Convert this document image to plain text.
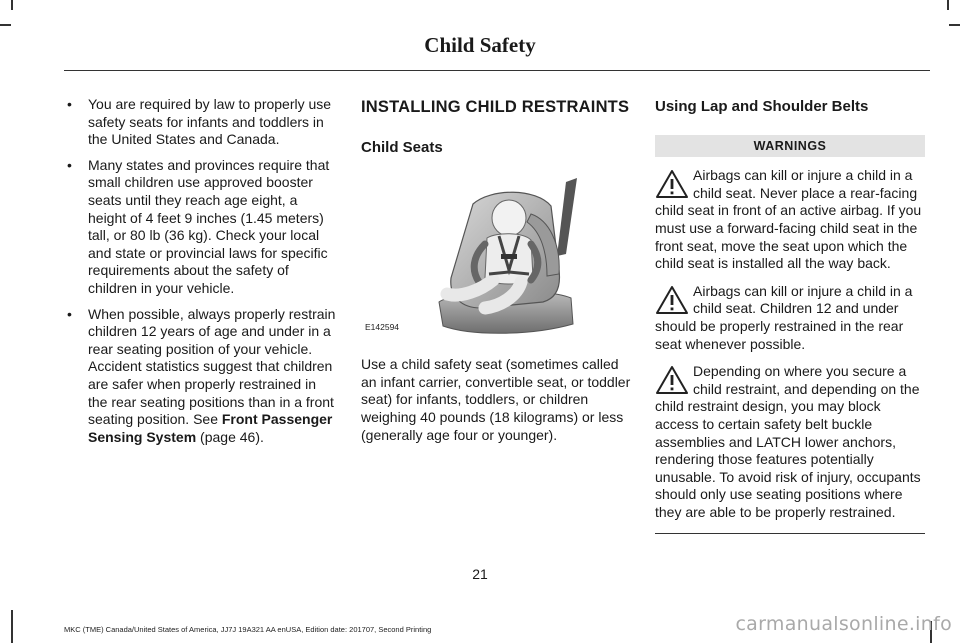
Child Safety
• You are required by law to properly use safety seats for infants and toddlers in the United States and Canada.
• Many states and provinces require that small children use approved booster seats until they reach age eight, a height of 4 feet 9 inches (1.45 meters) tall, or 80 lb (36 kg). Check your local and state or provincial laws for specific requirements about the safety of children in your vehicle.
• When possible, always properly restrain children 12 years of age and under in a rear seating position of your vehicle. Accident statistics suggest that children are safer when properly restrained in the rear seating positions than in a front seating position. See Front Passenger Sensing System (page 46).
INSTALLING CHILD RESTRAINTS
Child Seats
E142594
Use a child safety seat (sometimes called an infant carrier, convertible seat, or toddler seat) for infants, toddlers, or children weighing 40 pounds (18 kilograms) or less (generally age four or younger).
Using Lap and Shoulder Belts
WARNINGS

Airbags can kill or injure a child in a child seat. Never place a rear-facing child seat in front of an active airbag. If you must use a forward-facing child seat in the front seat, move the seat upon which the child seat is installed all the way back.

Airbags can kill or injure a child in a child seat. Children 12 and under should be properly restrained in the rear seat whenever possible.

Depending on where you secure a child restraint, and depending on the child restraint design, you may block access to certain safety belt buckle assemblies and LATCH lower anchors, rendering those features potentially unusable. To avoid risk of injury, occupants should only use seating positions where they are able to be properly restrained.

21
MKC (TME) Canada/United States of America, JJ7J 19A321 AA enUSA, Edition date: 201707, Second Printing	carmanualsonline.info
